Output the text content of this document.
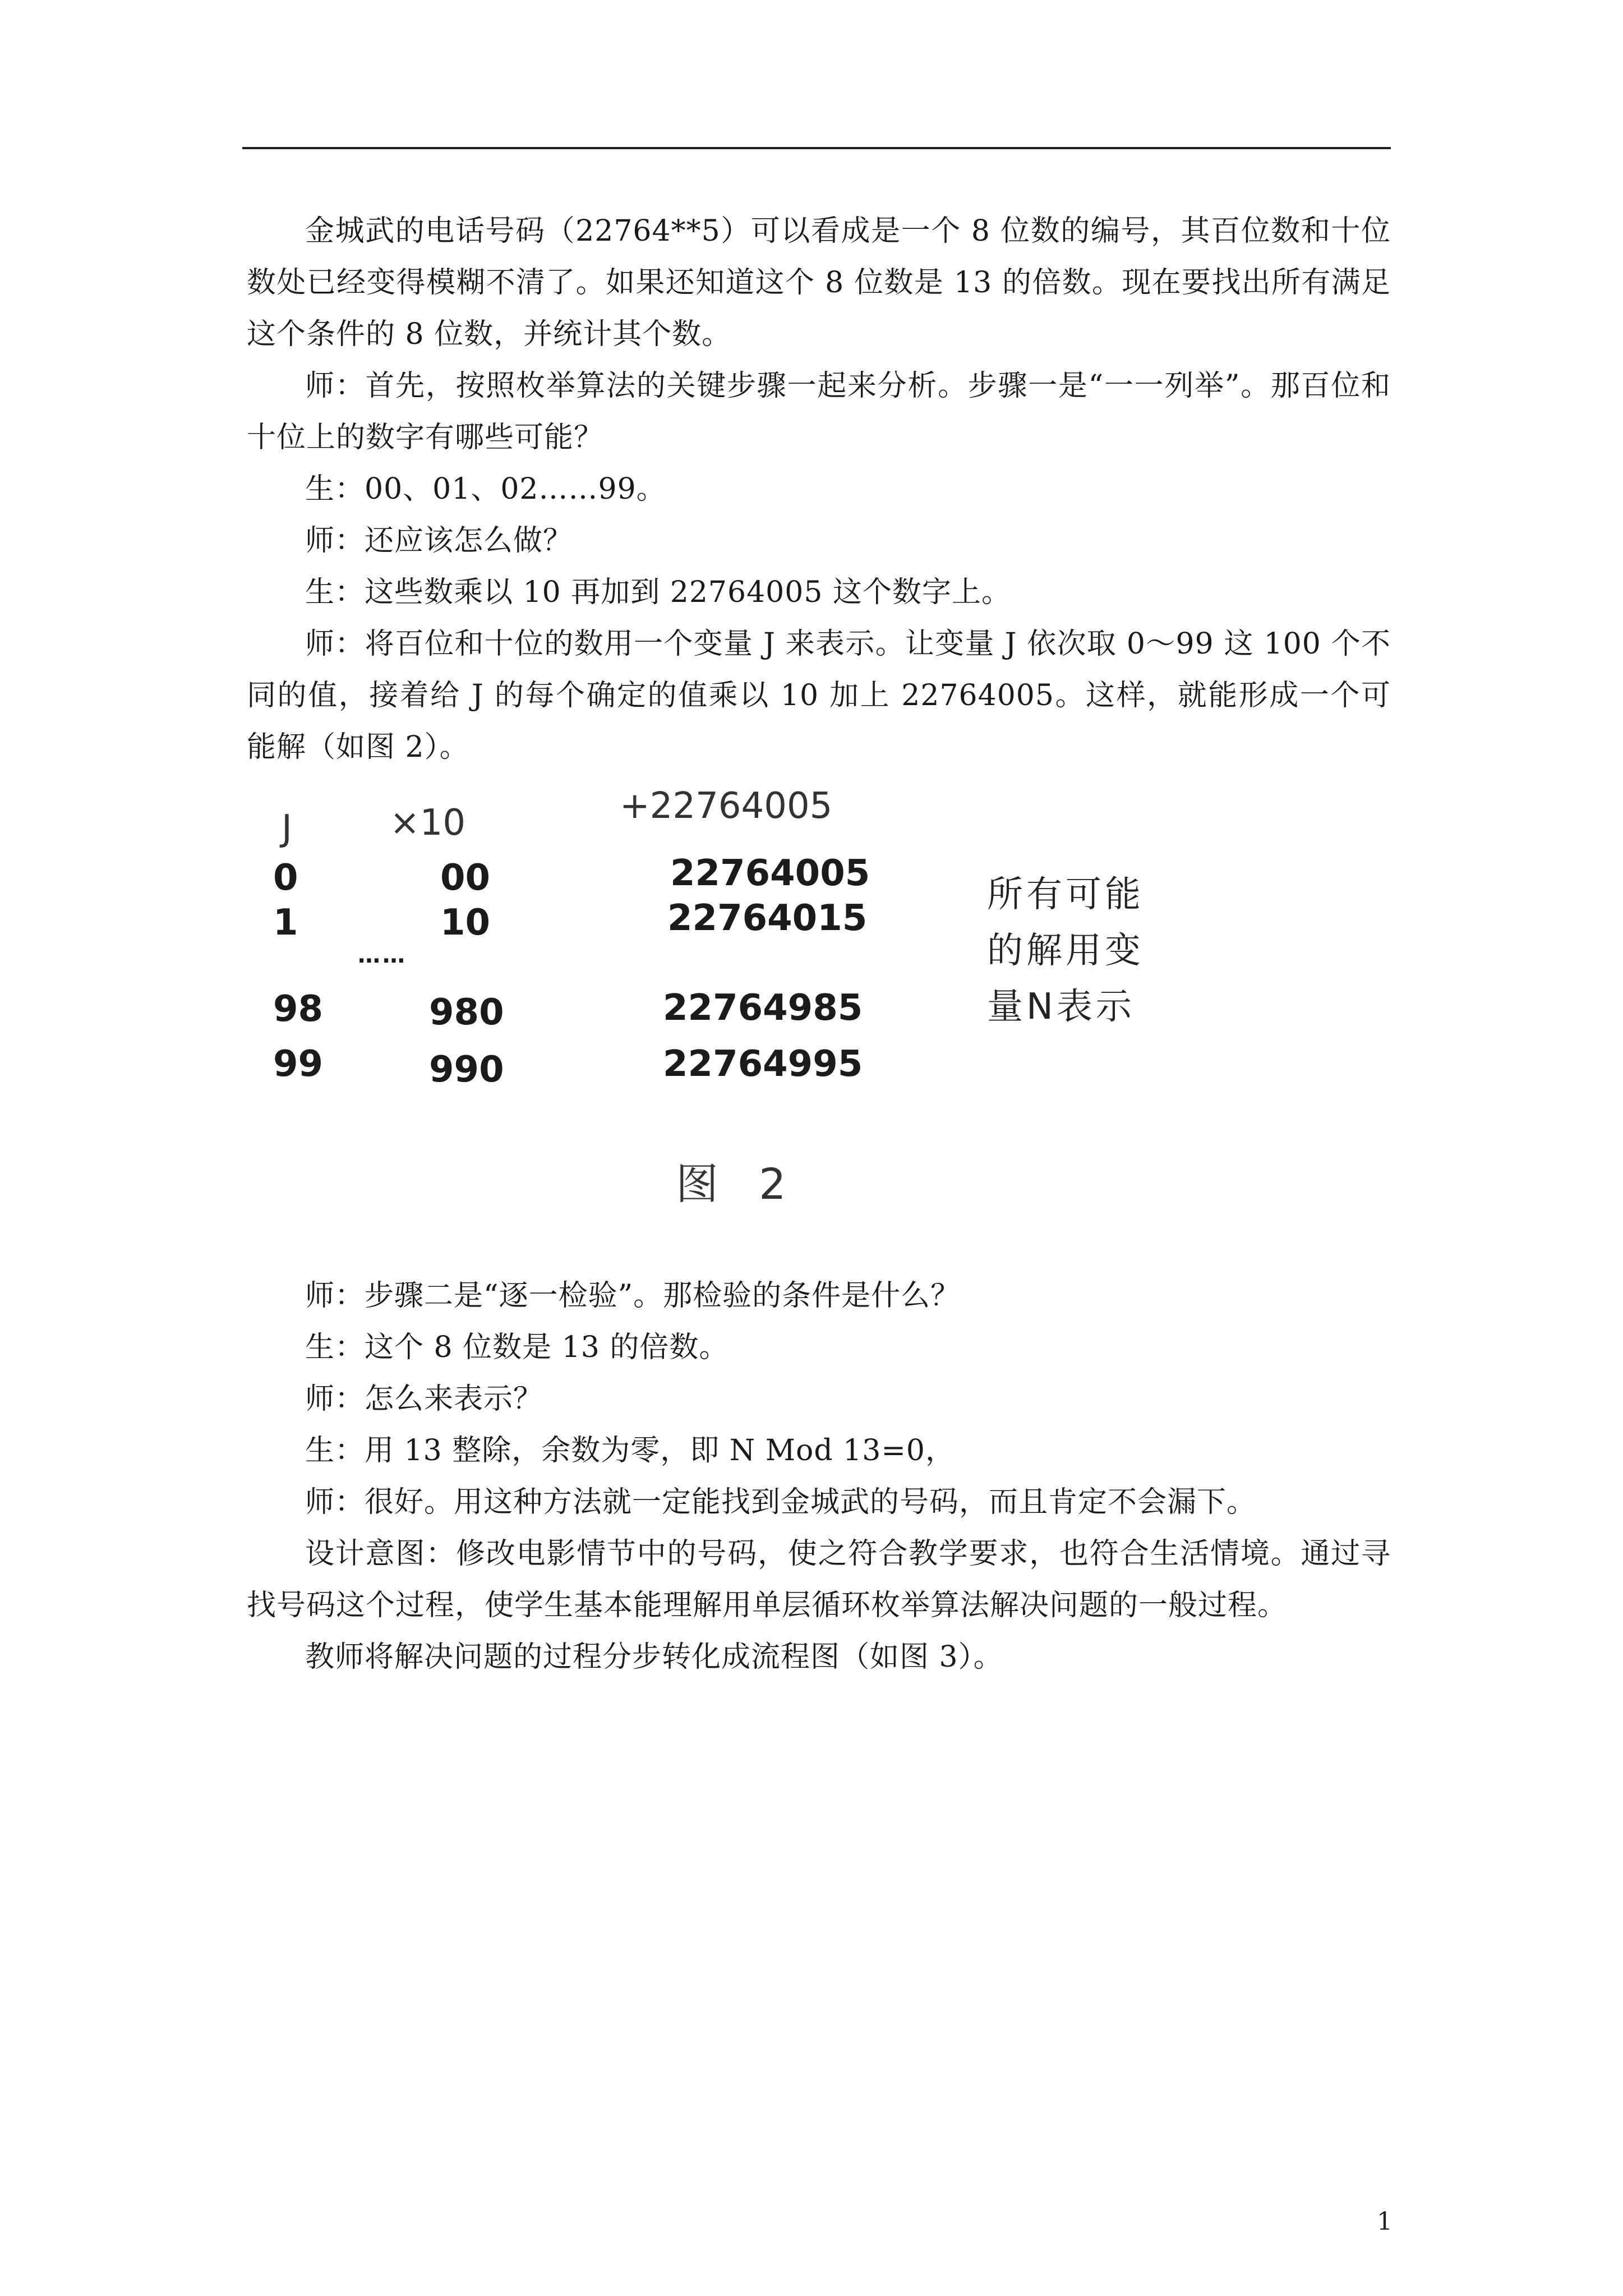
金城武的电话号码（22764**5）可以看成是一个 8 位数的编号，其百位数和十位数处已经变得模糊不清了。如果还知道这个 8 位数是 13 的倍数。现在要找出所有满足这个条件的 8 位数，并统计其个数。

师：首先，按照枚举算法的关键步骤一起来分析。步骤一是“一一列举”。那百位和十位上的数字有哪些可能？

生：00、01、02……99。

师：还应该怎么做？

生：这些数乘以 10 再加到 22764005 这个数字上。

师：将百位和十位的数用一个变量 J 来表示。让变量 J 依次取 0～99 这 100 个不同的值，接着给 J 的每个确定的值乘以 10 加上 22764005。这样，就能形成一个可能解（如图 2）。

J	×10	+22764005
0	00	22764005
1	10	22764015
……
98	980	22764985
99	990	22764995
所有可能
的解用变
量N表示
图 2

师：步骤二是“逐一检验”。那检验的条件是什么？

生：这个 8 位数是 13 的倍数。

师：怎么来表示？

生：用 13 整除，余数为零，即 N Mod 13=0，

师：很好。用这种方法就一定能找到金城武的号码，而且肯定不会漏下。

设计意图：修改电影情节中的号码，使之符合教学要求，也符合生活情境。通过寻找号码这个过程，使学生基本能理解用单层循环枚举算法解决问题的一般过程。

教师将解决问题的过程分步转化成流程图（如图 3）。

1
